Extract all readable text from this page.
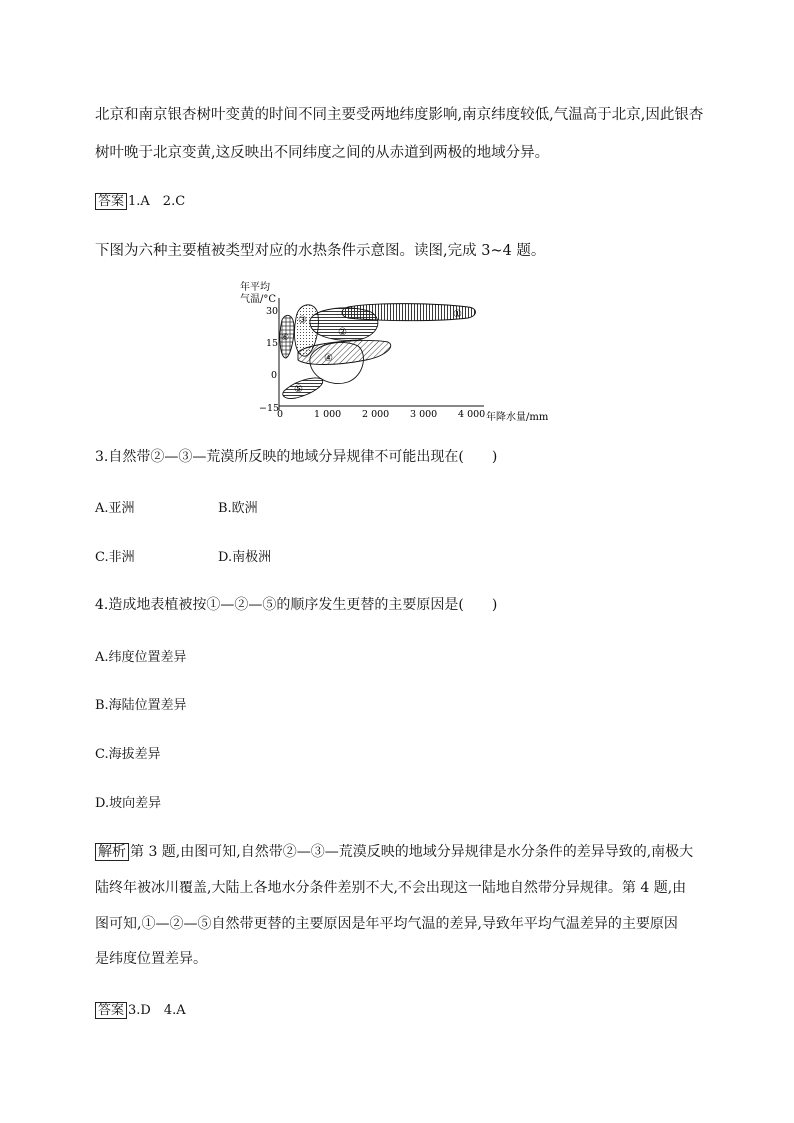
北京和南京银杏树叶变黄的时间不同主要受两地纬度影响,南京纬度较低,气温高于北京,因此银杏
树叶晚于北京变黄,这反映出不同纬度之间的从赤道到两极的地域分异。
答案 1.A　2.C
下图为六种主要植被类型对应的水热条件示意图。读图,完成 3~4 题。
年平均
气温/°C
30
15
0
−15
0	1 000 2 000 3 000 4 000 年降水量/mm
①
②
③
④
⑤
⑥
3.自然带②—③—荒漠所反映的地域分异规律不可能出现在(　　)
A.亚洲	B.欧洲
C.非洲	D.南极洲
4.造成地表植被按①—②—⑤的顺序发生更替的主要原因是(　　)
A.纬度位置差异
B.海陆位置差异
C.海拔差异
D.坡向差异
解析 第 3 题,由图可知,自然带②—③—荒漠反映的地域分异规律是水分条件的差异导致的,南极大
陆终年被冰川覆盖,大陆上各地水分条件差别不大,不会出现这一陆地自然带分异规律。第 4 题,由
图可知,①—②—⑤自然带更替的主要原因是年平均气温的差异,导致年平均气温差异的主要原因
是纬度位置差异。
答案 3.D　4.A
